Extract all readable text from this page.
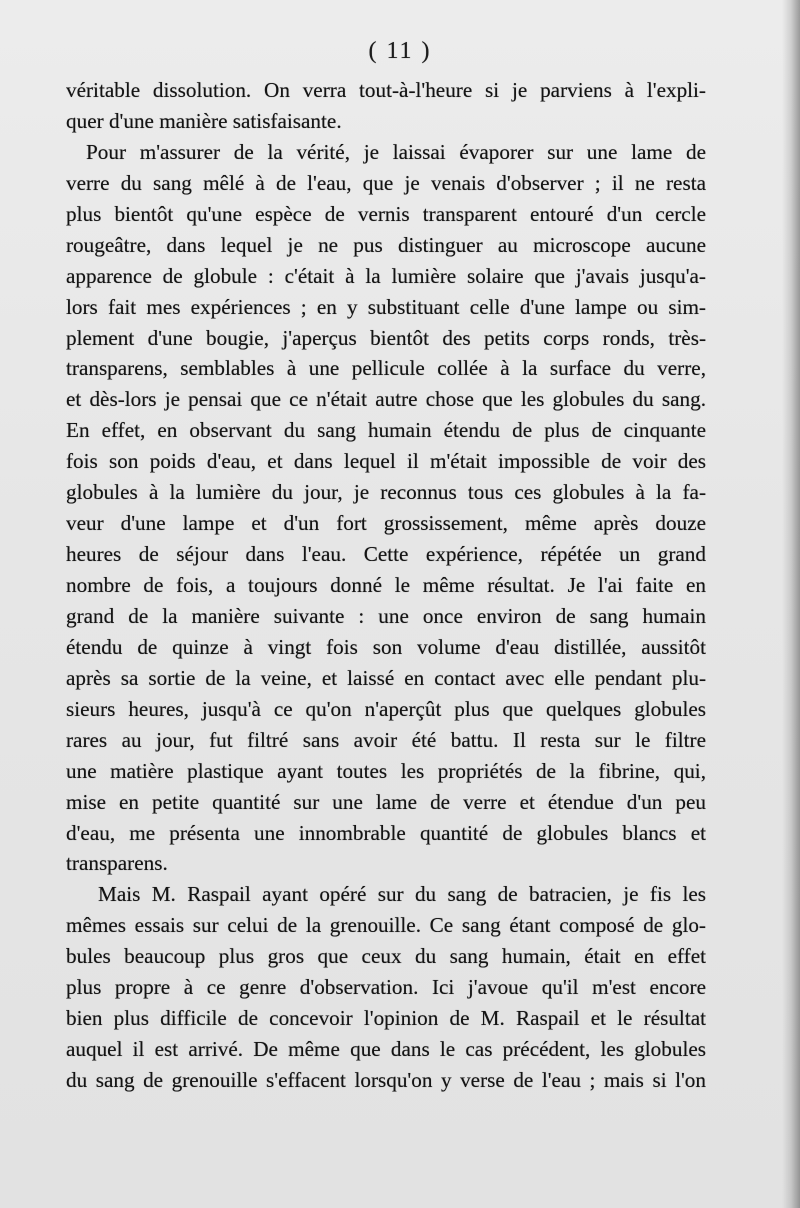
( 11 )
véritable dissolution. On verra tout-à-l'heure si je parviens à l'expli-
quer d'une manière satisfaisante.
Pour m'assurer de la vérité, je laissai évaporer sur une lame de
verre du sang mêlé à de l'eau, que je venais d'observer ; il ne resta
plus bientôt qu'une espèce de vernis transparent entouré d'un cercle
rougeâtre, dans lequel je ne pus distinguer au microscope aucune
apparence de globule : c'était à la lumière solaire que j'avais jusqu'a-
lors fait mes expériences ; en y substituant celle d'une lampe ou sim-
plement d'une bougie, j'aperçus bientôt des petits corps ronds, très-
transparens, semblables à une pellicule collée à la surface du verre,
et dès-lors je pensai que ce n'était autre chose que les globules du sang.
En effet, en observant du sang humain étendu de plus de cinquante
fois son poids d'eau, et dans lequel il m'était impossible de voir des
globules à la lumière du jour, je reconnus tous ces globules à la fa-
veur d'une lampe et d'un fort grossissement, même après douze
heures de séjour dans l'eau. Cette expérience, répétée un grand
nombre de fois, a toujours donné le même résultat. Je l'ai faite en
grand de la manière suivante : une once environ de sang humain
étendu de quinze à vingt fois son volume d'eau distillée, aussitôt
après sa sortie de la veine, et laissé en contact avec elle pendant plu-
sieurs heures, jusqu'à ce qu'on n'aperçût plus que quelques globules
rares au jour, fut filtré sans avoir été battu. Il resta sur le filtre
une matière plastique ayant toutes les propriétés de la fibrine, qui,
mise en petite quantité sur une lame de verre et étendue d'un peu
d'eau, me présenta une innombrable quantité de globules blancs et
transparens.
Mais M. Raspail ayant opéré sur du sang de batracien, je fis les
mêmes essais sur celui de la grenouille. Ce sang étant composé de glo-
bules beaucoup plus gros que ceux du sang humain, était en effet
plus propre à ce genre d'observation. Ici j'avoue qu'il m'est encore
bien plus difficile de concevoir l'opinion de M. Raspail et le résultat
auquel il est arrivé. De même que dans le cas précédent, les globules
du sang de grenouille s'effacent lorsqu'on y verse de l'eau ; mais si l'on
